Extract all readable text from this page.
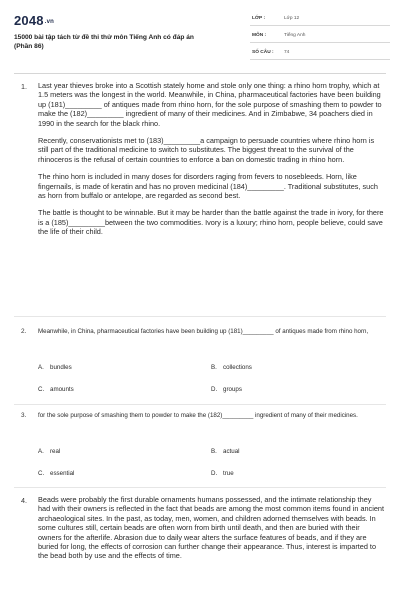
2048.vn
15000 bài tập tách từ đề thi thử môn Tiếng Anh có đáp án (Phần 86)
LỚP :	Lớp 12
MÔN :	Tiếng Anh
SỐ CÂU : 74
1. Last year thieves broke into a Scottish stately home and stole only one thing: a rhino horn trophy, which at 1.5 meters was the longest in the world. Meanwhile, in China, pharmaceutical factories have been building up (181)_________ of antiques made from rhino horn, for the sole purpose of smashing them to powder to make the (182)_________ ingredient of many of their medicines. And in Zimbabwe, 34 poachers died in 1990 in the search for the black rhino.

Recently, conservationists met to (183)_________a campaign to persuade countries where rhino horn is still part of the traditional medicine to switch to substitutes. The biggest threat to the survival of the rhinoceros is the refusal of certain countries to enforce a ban on domestic trading in rhino horn.

The rhino horn is included in many doses for disorders raging from fevers to nosebleeds. Horn, like fingernails, is made of keratin and has no proven medicinal (184)_________. Traditional substitutes, such as horn from buffalo or antelope, are regarded as second best.

The battle is thought to be winnable. But it may be harder than the battle against the trade in ivory, for there is a (185)_________between the two commodities. Ivory is a luxury; rhino horn, people believe, could save the life of their child.

2. Meanwhile, in China, pharmaceutical factories have been building up (181)_________ of antiques made from rhino horn,
A. bundles	B. collections
C. amounts	D. groups
3. for the sole purpose of smashing them to powder to make the (182)_________ ingredient of many of their medicines.
A. real	B. actual
C. essential	D. true
4. Beads were probably the first durable ornaments humans possessed, and the intimate relationship they had with their owners is reflected in the fact that beads are among the most common items found in ancient archaeological sites. In the past, as today, men, women, and children adorned themselves with beads. In some cultures still, certain beads are often worn from birth until death, and then are buried with their owners for the afterlife. Abrasion due to daily wear alters the surface features of beads, and if they are buried for long, the effects of corrosion can further change their appearance. Thus, interest is imparted to the bead both by use and the effects of time.
